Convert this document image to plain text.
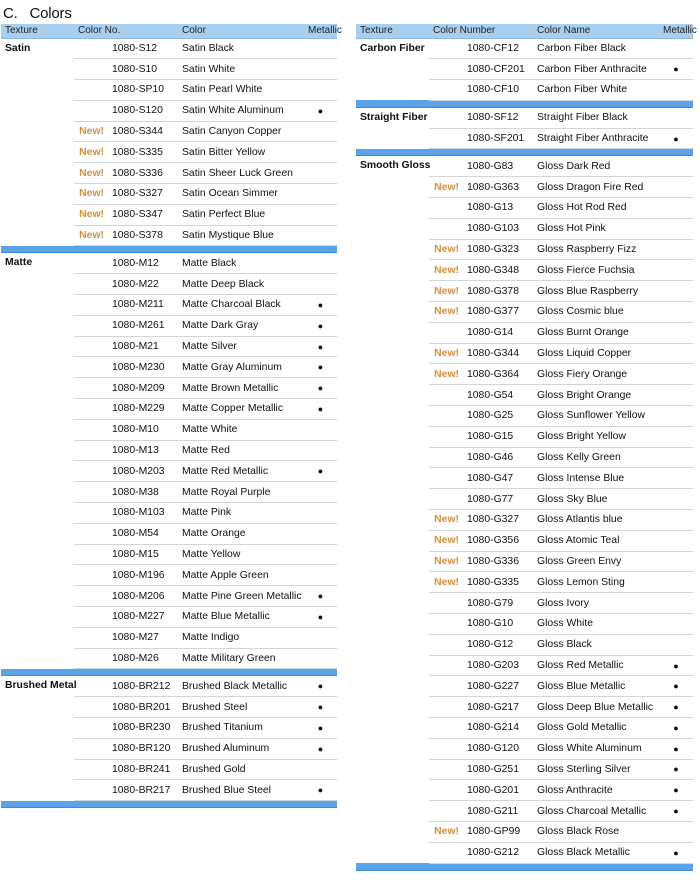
C.   Colors
Texture	Color No.		Color	Metallic
Satin		1080-S12	Satin Black	
		1080-S10	Satin White	
		1080-SP10	Satin Pearl White	
		1080-S120	Satin White Aluminum	●
	New!	1080-S344	Satin Canyon Copper	
	New!	1080-S335	Satin Bitter Yellow	
	New!	1080-S336	Satin Sheer Luck Green	
	New!	1080-S327	Satin Ocean Simmer	
	New!	1080-S347	Satin Perfect Blue	
	New!	1080-S378	Satin Mystique Blue	

Matte		1080-M12	Matte Black	
		1080-M22	Matte Deep Black	
		1080-M211	Matte Charcoal Black	●
		1080-M261	Matte Dark Gray	●
		1080-M21	Matte Silver	●
		1080-M230	Matte Gray Aluminum	●
		1080-M209	Matte Brown Metallic	●
		1080-M229	Matte Copper Metallic	●
		1080-M10	Matte White	
		1080-M13	Matte Red	
		1080-M203	Matte Red Metallic	●
		1080-M38	Matte Royal Purple	
		1080-M103	Matte Pink	
		1080-M54	Matte Orange	
		1080-M15	Matte Yellow	
		1080-M196	Matte Apple Green	
		1080-M206	Matte Pine Green Metallic	●
		1080-M227	Matte Blue Metallic	●
		1080-M27	Matte Indigo	
		1080-M26	Matte Military Green	

Brushed Metal		1080-BR212	Brushed Black Metallic	●
		1080-BR201	Brushed Steel	●
		1080-BR230	Brushed Titanium	●
		1080-BR120	Brushed Aluminum	●
		1080-BR241	Brushed Gold	
		1080-BR217	Brushed Blue Steel	●

Texture	Color Number		Color Name	Metallic
Carbon Fiber		1080-CF12	Carbon Fiber Black	
		1080-CF201	Carbon Fiber Anthracite	●
		1080-CF10	Carbon Fiber White	

Straight Fiber		1080-SF12	Straight Fiber Black	
		1080-SF201	Straight Fiber Anthracite	●

Smooth Gloss		1080-G83	Gloss Dark Red	
	New!	1080-G363	Gloss Dragon Fire Red	
		1080-G13	Gloss Hot Rod Red	
		1080-G103	Gloss Hot Pink	
	New!	1080-G323	Gloss Raspberry Fizz	
	New!	1080-G348	Gloss Fierce Fuchsia	
	New!	1080-G378	Gloss Blue Raspberry	
	New!	1080-G377	Gloss Cosmic blue	
		1080-G14	Gloss Burnt Orange	
	New!	1080-G344	Gloss Liquid Copper	
	New!	1080-G364	Gloss Fiery Orange	
		1080-G54	Gloss Bright Orange	
		1080-G25	Gloss Sunflower Yellow	
		1080-G15	Gloss Bright Yellow	
		1080-G46	Gloss Kelly Green	
		1080-G47	Gloss Intense Blue	
		1080-G77	Gloss Sky Blue	
	New!	1080-G327	Gloss Atlantis blue	
	New!	1080-G356	Gloss Atomic Teal	
	New!	1080-G336	Gloss Green Envy	
	New!	1080-G335	Gloss Lemon Sting	
		1080-G79	Gloss Ivory	
		1080-G10	Gloss White	
		1080-G12	Gloss Black	
		1080-G203	Gloss Red Metallic	●
		1080-G227	Gloss Blue Metallic	●
		1080-G217	Gloss Deep Blue Metallic	●
		1080-G214	Gloss Gold Metallic	●
		1080-G120	Gloss White Aluminum	●
		1080-G251	Gloss Sterling Silver	●
		1080-G201	Gloss Anthracite	●
		1080-G211	Gloss Charcoal Metallic	●
	New!	1080-GP99	Gloss Black Rose	
		1080-G212	Gloss Black Metallic	●
